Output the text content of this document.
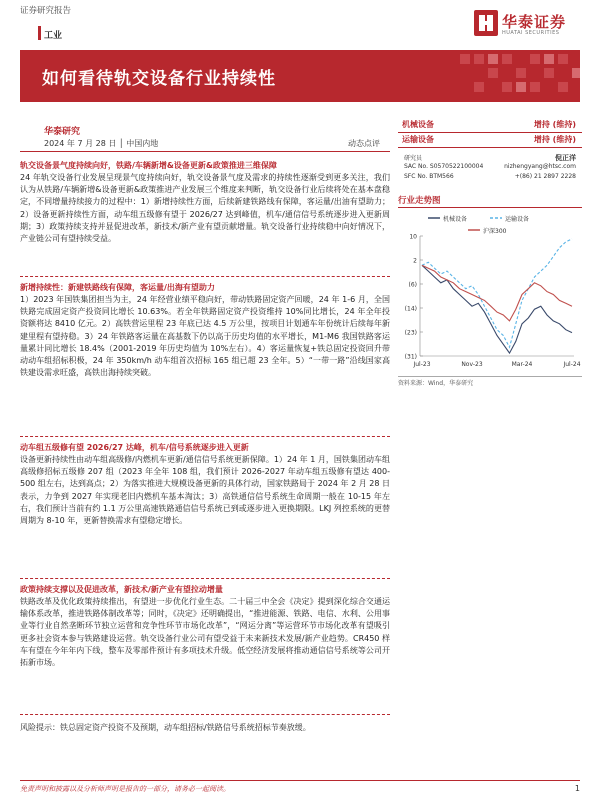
证券研究报告
工业
华泰证券
HUATAI SECURITIES
如何看待轨交设备行业持续性
华泰研究
2024 年 7 月 28 日 │ 中国内地	动态点评
轨交设备景气度持续向好，铁路/车辆新增&设备更新&政策推进三维保障
24 年轨交设备行业发展呈现景气度持续向好，轨交设备景气度及需求的持续性逐渐受到更多关注，我们认为从铁路/车辆新增&设备更新&政策推进产业发展三个维度来判断，轨交设备行业后续将处在基本盘稳定，不同增量持续接力的过程中：1）新增持续性方面，后续新建铁路线有保障，客运量/出油有望助力；2）设备更新持续性方面，动车组五级修有望于 2026/27 达到峰值，机车/通信信号系统逐步进入更新周期；3）政策持续支持并显促进改革，新技术/新产业有望贡献增量。轨交设备行业持续稳中向好情况下，产业链公司有望持续受益。
新增持续性：新建铁路线有保障，客运量/出海有望助力
1）2023 年国铁集团担当为主，24 年经营业绩平稳向好，带动铁路固定资产回暖，24 年 1-6 月，全国铁路完成固定资产投资同比增长 10.63%。若全年铁路固定资产投资维持 10%同比增长，24 年全年投资额将达 8410 亿元。2）高铁营运里程 23 年底已达 4.5 万公里，按项目计划通车年份统计后续每年新建里程有望持稳。3）24 年铁路客运量在高基数下仍以高于历史均值的水平增长，M1-M6 我国铁路客运量累计同比增长 18.4%（2001-2019 年历史均值为 10%左右）。4）客运量恢复+铁总固定投资回升带动动车组招标积极，24 年 350km/h 动车组首次招标 165 组已超 23 全年。5）“一带一路”沿线国家高铁建设需求旺盛，高铁出海持续突破。
动车组五级修有望 2026/27 达峰，机车/信号系统逐步进入更新
设备更新持续性由动车组高级修/内燃机车更新/通信信号系统更新保障。1）24 年 1 月，国铁集团动车组高级修招标五级修 207 组（2023 年全年 108 组，我们预计 2026-2027 年动车组五级修有望达 400-500 组左右，达到高点；2）为落实推进大规模设备更新的具体行动，国家铁路局于 2024 年 2 月 28 日表示，力争到 2027 年实现老旧内燃机车基本淘汰；3）高铁通信信号系统生命周期一般在 10-15 年左右，我们预计当前有约 1.1 万公里高速铁路通信信号系统已到或逐步进入更换期限。LKJ 列控系统的更替周期为 8-10 年，更新替换需求有望稳定增长。
政策持续支撑以及促进改革，新技术/新产业有望拉动增量
铁路改革及优化政策持续推出，有望进一步优化行业生态。二十届三中全会《决定》提到深化综合交通运输体系改革，推进铁路体制改革等；同时，《决定》还明确提出，“推进能源、铁路、电信、水利、公用事业等行业自然垄断环节独立运营和竞争性环节市场化改革”，“网运分离”等运营环节市场化改革有望吸引更多社会资本参与铁路建设运营。轨交设备行业公司有望受益于未来新技术发展/新产业趋势。CR450 样车有望在今年年内下线，整车及零部件预计有多项技术升级。低空经济发展将推动通信信号系统等公司开拓新市场。
风险提示：铁总固定资产投资不及预期，动车组招标/铁路信号系统招标节奏放缓。
机械设备	增持 (维持)
运输设备	增持 (维持)
研究员	倪正洋
SAC No. S0570522100004	nizhengyang@htsc.com
SFC No. BTM566	+(86) 21 2897 2228
行业走势图
机械设备	运输设备
沪深300
10
2
(6)
(14)
(23)
(31)
Jul-23	Nov-23	Mar-24	Jul-24
资料来源：Wind，华泰研究
免责声明和披露以及分析师声明是报告的一部分，请务必一起阅读。	1
